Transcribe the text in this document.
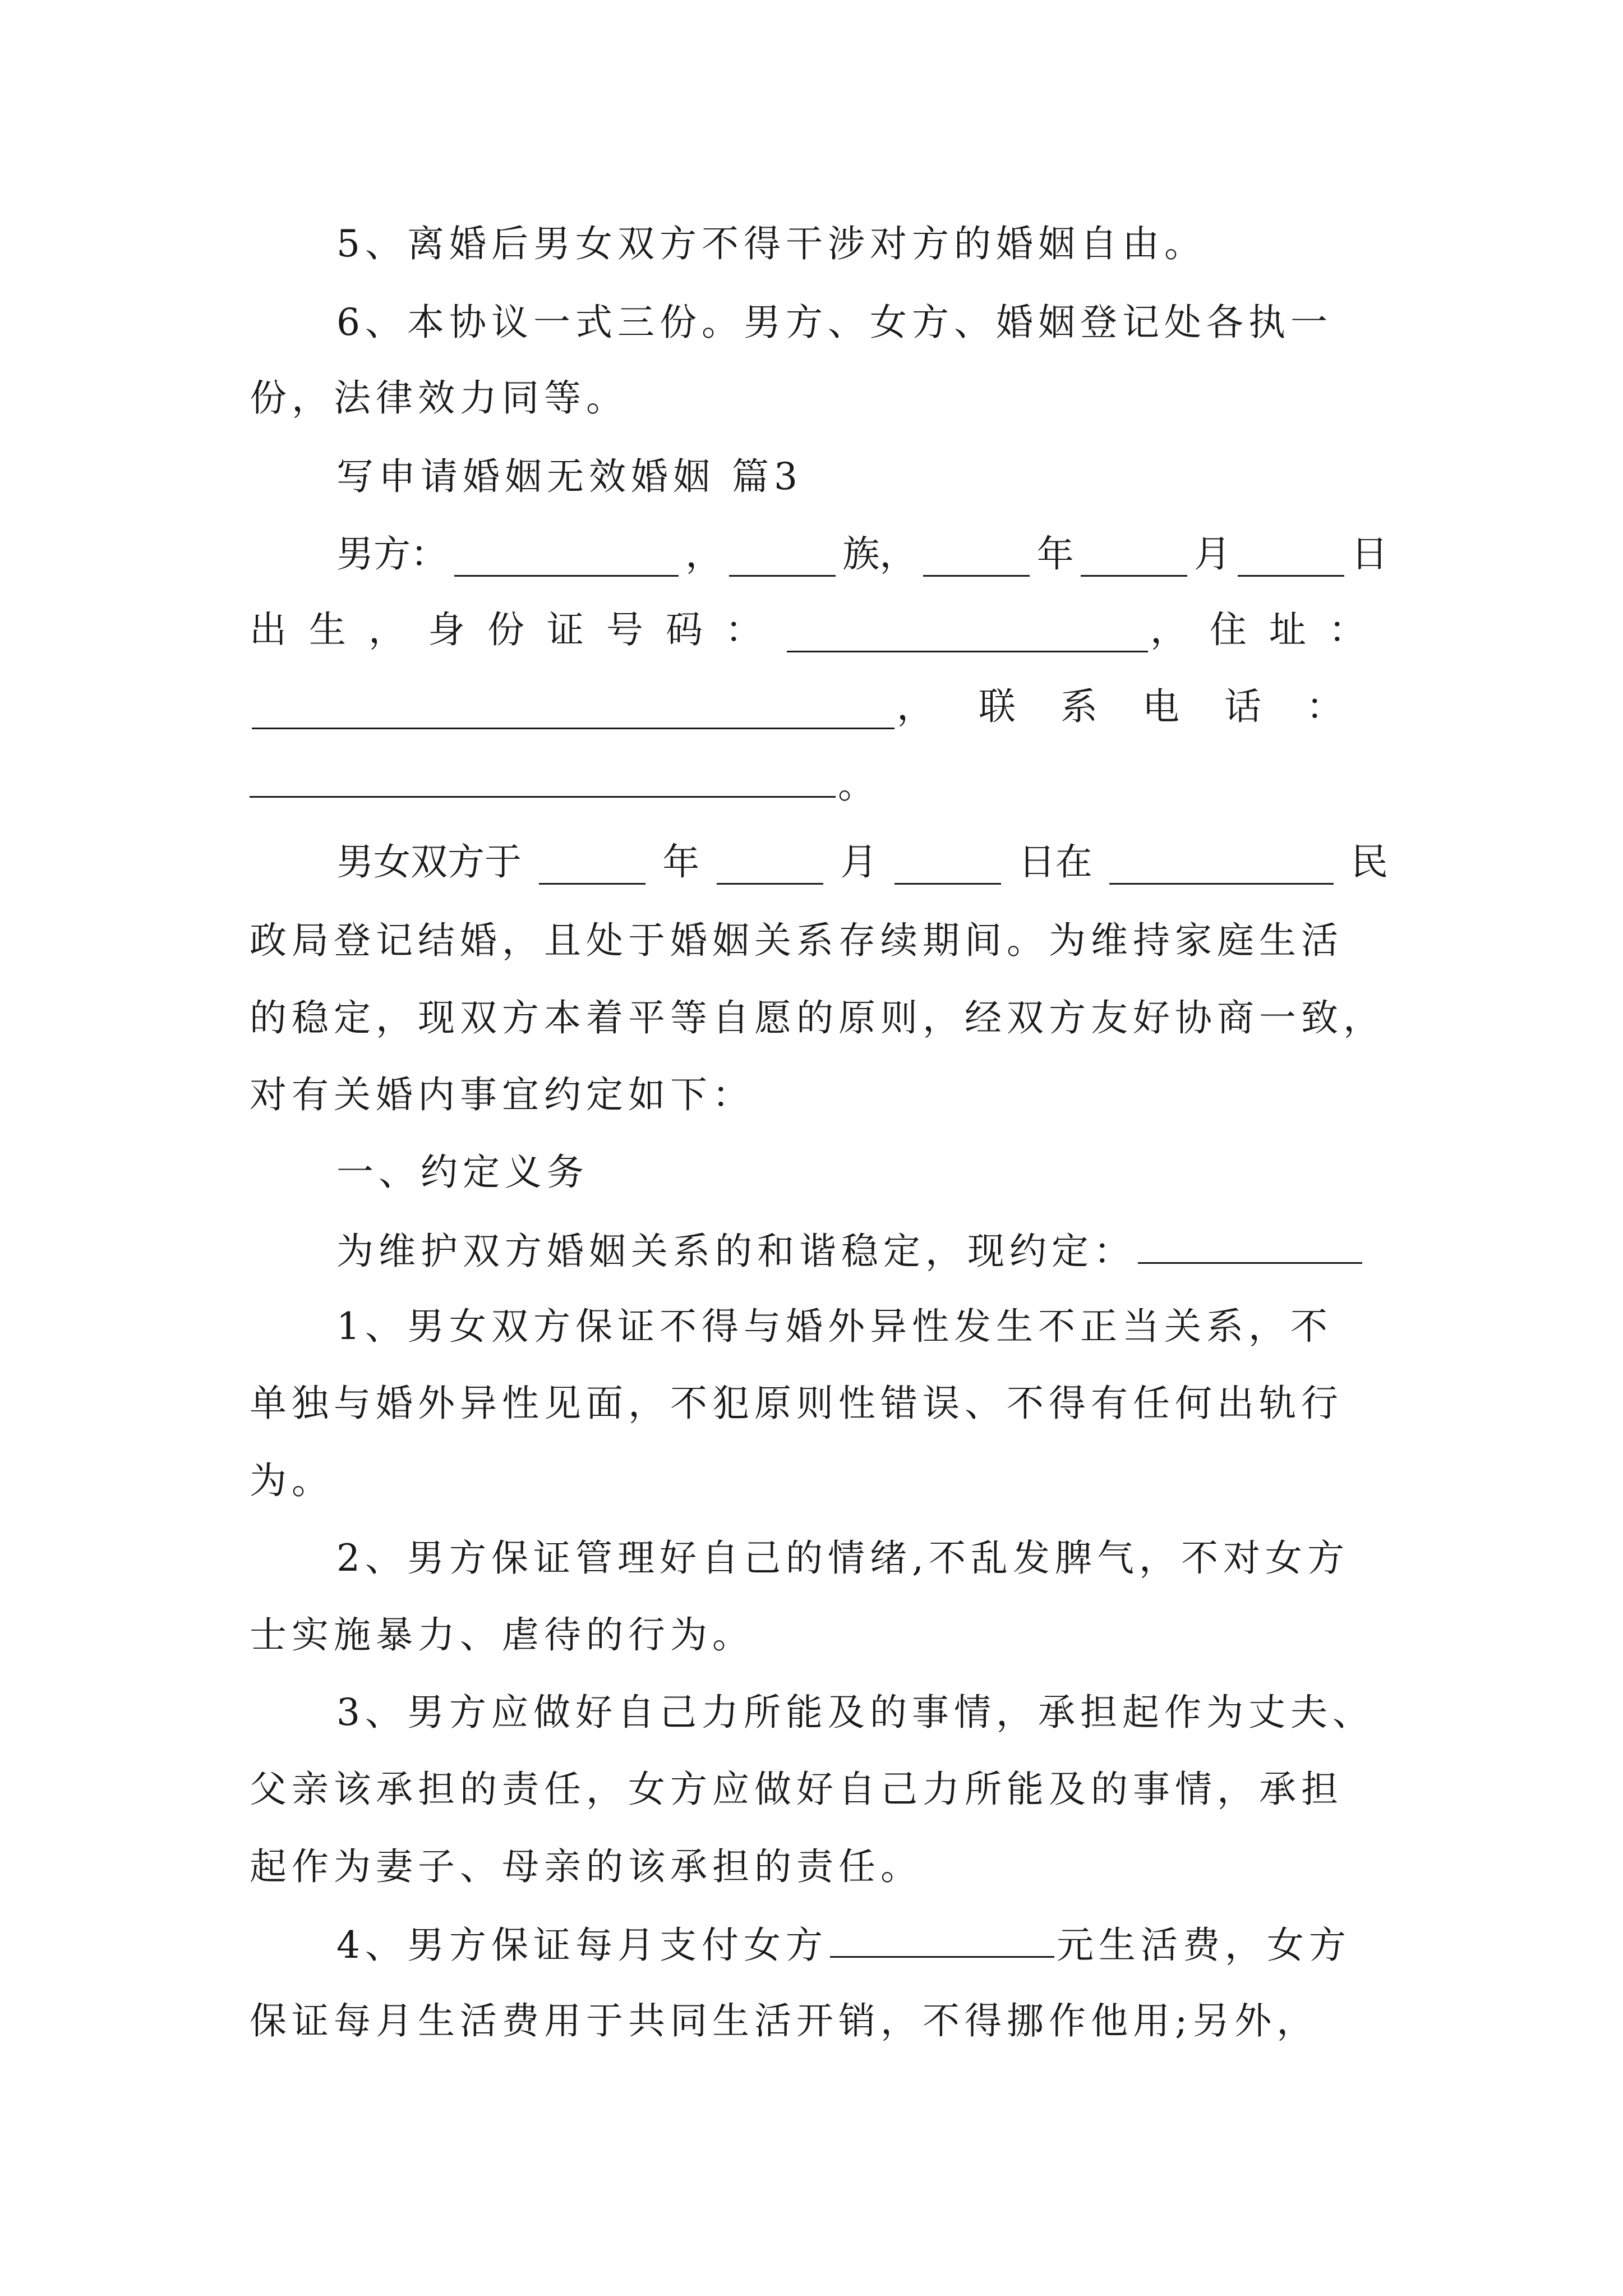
5、离婚后男女双方不得干涉对方的婚姻自由。
6、本协议一式三份。男方、女方、婚姻登记处各执一
份，法律效力同等。
写申请婚姻无效婚姻 篇3
男方：	，	族，	年	月	日
出生，身份证号码：	，住址：
，联系电话：
。
男女双方于	年	月	日在	民
政局登记结婚，且处于婚姻关系存续期间。为维持家庭生活
的稳定，现双方本着平等自愿的原则，经双方友好协商一致，
对有关婚内事宜约定如下：
一、约定义务
为维护双方婚姻关系的和谐稳定，现约定：
1、男女双方保证不得与婚外异性发生不正当关系，不
单独与婚外异性见面，不犯原则性错误、不得有任何出轨行
为。
2、男方保证管理好自己的情绪,不乱发脾气，不对女方
士实施暴力、虐待的行为。
3、男方应做好自己力所能及的事情，承担起作为丈夫、
父亲该承担的责任，女方应做好自己力所能及的事情，承担
起作为妻子、母亲的该承担的责任。
4、男方保证每月支付女方	元生活费，女方
保证每月生活费用于共同生活开销，不得挪作他用;另外，
